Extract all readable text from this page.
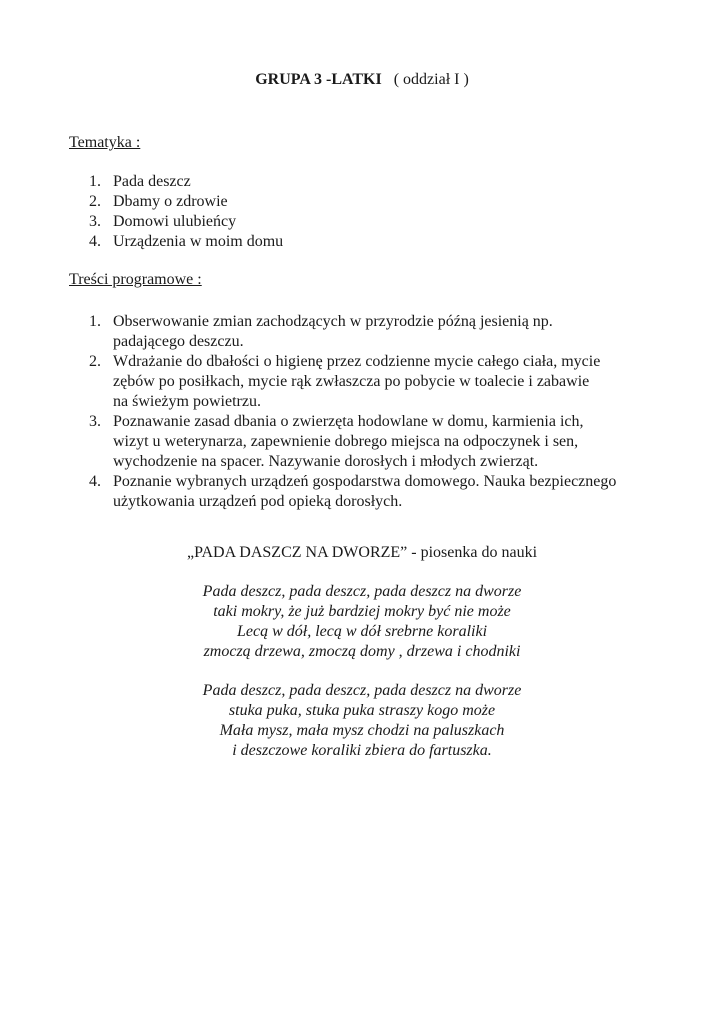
GRUPA 3 -LATKI ( oddział I )
Tematyka :
1. Pada deszcz
2. Dbamy o zdrowie
3. Domowi ulubieńcy
4. Urządzenia w moim domu
Treści programowe :
1. Obserwowanie zmian zachodzących w przyrodzie późną jesienią np.
padającego deszczu.
2. Wdrażanie do dbałości o higienę przez codzienne mycie całego ciała, mycie
zębów po posiłkach, mycie rąk zwłaszcza po pobycie w toalecie i zabawie
na świeżym powietrzu.
3. Poznawanie zasad dbania o zwierzęta hodowlane w domu, karmienia ich,
wizyt u weterynarza, zapewnienie dobrego miejsca na odpoczynek i sen,
wychodzenie na spacer. Nazywanie dorosłych i młodych zwierząt.
4. Poznanie wybranych urządzeń gospodarstwa domowego. Nauka bezpiecznego
użytkowania urządzeń pod opieką dorosłych.
„PADA DASZCZ NA DWORZE” - piosenka do nauki
Pada deszcz, pada deszcz, pada deszcz na dworze
taki mokry, że już bardziej mokry być nie może
Lecą w dół, lecą w dół srebrne koraliki
zmoczą drzewa, zmoczą domy , drzewa i chodniki
Pada deszcz, pada deszcz, pada deszcz na dworze
stuka puka, stuka puka straszy kogo może
Mała mysz, mała mysz chodzi na paluszkach
i deszczowe koraliki zbiera do fartuszka.
